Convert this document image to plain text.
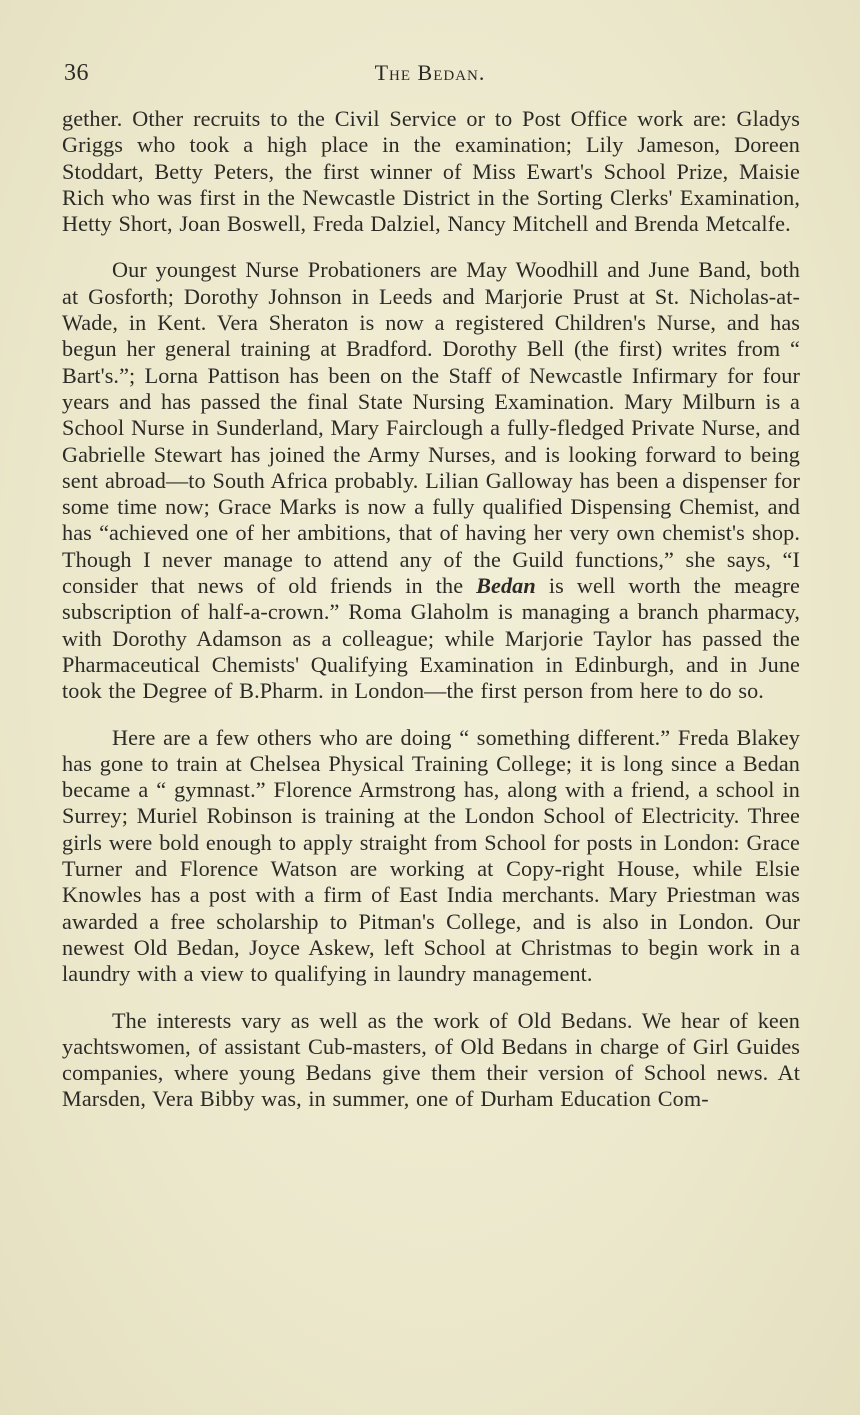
36	The Bedan.

gether. Other recruits to the Civil Service or to Post Office work are: Gladys Griggs who took a high place in the examination; Lily Jameson, Doreen Stoddart, Betty Peters, the first winner of Miss Ewart's School Prize, Maisie Rich who was first in the Newcastle District in the Sorting Clerks' Examination, Hetty Short, Joan Boswell, Freda Dalziel, Nancy Mitchell and Brenda Metcalfe.

Our youngest Nurse Probationers are May Woodhill and June Band, both at Gosforth; Dorothy Johnson in Leeds and Marjorie Prust at St. Nicholas-at-Wade, in Kent. Vera Sheraton is now a registered Children's Nurse, and has begun her general training at Bradford. Dorothy Bell (the first) writes from “ Bart's.”; Lorna Pattison has been on the Staff of Newcastle Infirmary for four years and has passed the final State Nursing Examination. Mary Milburn is a School Nurse in Sunderland, Mary Fairclough a fully-fledged Private Nurse, and Gabrielle Stewart has joined the Army Nurses, and is looking forward to being sent abroad—to South Africa probably. Lilian Galloway has been a dispenser for some time now; Grace Marks is now a fully qualified Dispensing Chemist, and has “achieved one of her ambitions, that of having her very own chemist's shop. Though I never manage to attend any of the Guild functions,” she says, “I consider that news of old friends in the Bedan is well worth the meagre subscription of half-a-crown.” Roma Glaholm is managing a branch pharmacy, with Dorothy Adamson as a colleague; while Marjorie Taylor has passed the Pharmaceutical Chemists' Qualifying Examination in Edinburgh, and in June took the Degree of B.Pharm. in London—the first person from here to do so.

Here are a few others who are doing “ something different.” Freda Blakey has gone to train at Chelsea Physical Training College; it is long since a Bedan became a “ gymnast.” Florence Armstrong has, along with a friend, a school in Surrey; Muriel Robinson is training at the London School of Electricity. Three girls were bold enough to apply straight from School for posts in London: Grace Turner and Florence Watson are working at Copy-right House, while Elsie Knowles has a post with a firm of East India merchants. Mary Priestman was awarded a free scholarship to Pitman's College, and is also in London. Our newest Old Bedan, Joyce Askew, left School at Christmas to begin work in a laundry with a view to qualifying in laundry management.

The interests vary as well as the work of Old Bedans. We hear of keen yachtswomen, of assistant Cub-masters, of Old Bedans in charge of Girl Guides companies, where young Bedans give them their version of School news. At Marsden, Vera Bibby was, in summer, one of Durham Education Com-
